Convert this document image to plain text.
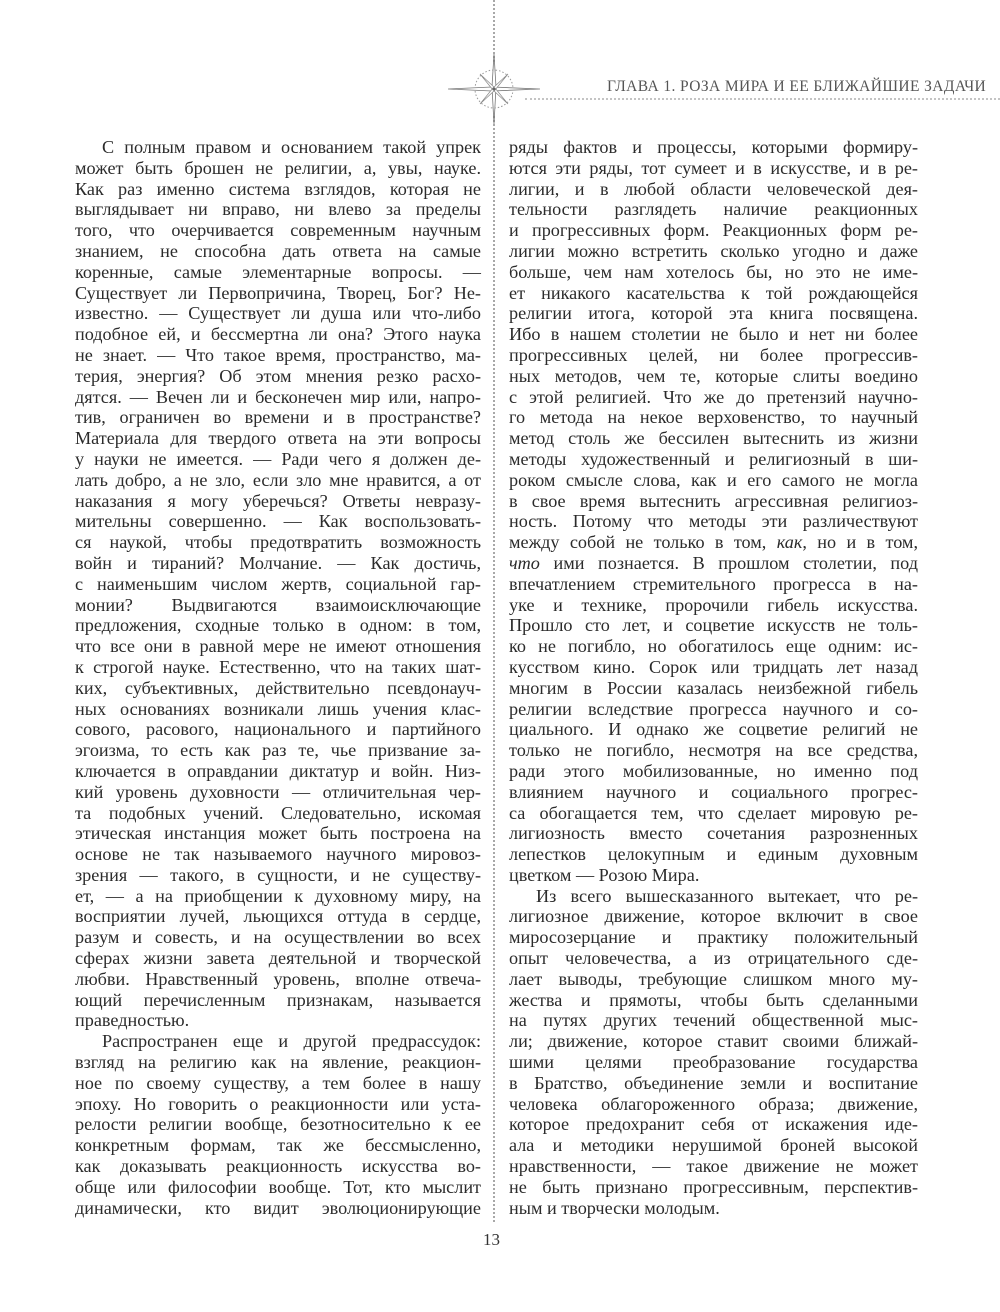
ГЛАВА 1. РОЗА МИРА И ЕЕ БЛИЖАЙШИЕ ЗАДАЧИ
С полным правом и основанием такой упрек
может быть брошен не религии, а, увы, науке.
Как раз именно система взглядов, которая не
выглядывает ни вправо, ни влево за пределы
того, что очерчивается современным научным
знанием, не способна дать ответа на самые
коренные, самые элементарные вопросы. —
Существует ли Первопричина, Творец, Бог? Не-
известно. — Существует ли душа или что-либо
подобное ей, и бессмертна ли она? Этого наука
не знает. — Что такое время, пространство, ма-
терия, энергия? Об этом мнения резко расхо-
дятся. — Вечен ли и бесконечен мир или, напро-
тив, ограничен во времени и в пространстве?
Материала для твердого ответа на эти вопросы
у науки не имеется. — Ради чего я должен де-
лать добро, а не зло, если зло мне нравится, а от
наказания я могу уберечься? Ответы невразу-
мительны совершенно. — Как воспользовать-
ся наукой, чтобы предотвратить возможность
войн и тираний? Молчание. — Как достичь,
с наименьшим числом жертв, социальной гар-
монии? Выдвигаются взаимоисключающие
предложения, сходные только в одном: в том,
что все они в равной мере не имеют отношения
к строгой науке. Естественно, что на таких шат-
ких, субъективных, действительно псевдонауч-
ных основаниях возникали лишь учения клас-
сового, расового, национального и партийного
эгоизма, то есть как раз те, чье призвание за-
ключается в оправдании диктатур и войн. Низ-
кий уровень духовности — отличительная чер-
та подобных учений. Следовательно, искомая
этическая инстанция может быть построена на
основе не так называемого научного мировоз-
зрения — такого, в сущности, и не существу-
ет, — а на приобщении к духовному миру, на
восприятии лучей, льющихся оттуда в сердце,
разум и совесть, и на осуществлении во всех
сферах жизни завета деятельной и творческой
любви. Нравственный уровень, вполне отвеча-
ющий перечисленным признакам, называется
праведностью.
Распространен еще и другой предрассудок:
взгляд на религию как на явление, реакцион-
ное по своему существу, а тем более в нашу
эпоху. Но говорить о реакционности или уста-
релости религии вообще, безотносительно к ее
конкретным формам, так же бессмысленно,
как доказывать реакционность искусства во-
обще или философии вообще. Тот, кто мыслит
динамически, кто видит эволюционирующие
ряды фактов и процессы, которыми формиру-
ются эти ряды, тот сумеет и в искусстве, и в ре-
лигии, и в любой области человеческой дея-
тельности разглядеть наличие реакционных
и прогрессивных форм. Реакционных форм ре-
лигии можно встретить сколько угодно и даже
больше, чем нам хотелось бы, но это не име-
ет никакого касательства к той рождающейся
религии итога, которой эта книга посвящена.
Ибо в нашем столетии не было и нет ни более
прогрессивных целей, ни более прогрессив-
ных методов, чем те, которые слиты воедино
с этой религией. Что же до претензий научно-
го метода на некое верховенство, то научный
метод столь же бессилен вытеснить из жизни
методы художественный и религиозный в ши-
роком смысле слова, как и его самого не могла
в свое время вытеснить агрессивная религиоз-
ность. Потому что методы эти различествуют
между собой не только в том, как, но и в том,
что ими познается. В прошлом столетии, под
впечатлением стремительного прогресса в на-
уке и технике, пророчили гибель искусства.
Прошло сто лет, и соцветие искусств не толь-
ко не погибло, но обогатилось еще одним: ис-
кусством кино. Сорок или тридцать лет назад
многим в России казалась неизбежной гибель
религии вследствие прогресса научного и со-
циального. И однако же соцветие религий не
только не погибло, несмотря на все средства,
ради этого мобилизованные, но именно под
влиянием научного и социального прогрес-
са обогащается тем, что сделает мировую ре-
лигиозность вместо сочетания разрозненных
лепестков целокупным и единым духовным
цветком — Розою Мира.
Из всего вышесказанного вытекает, что ре-
лигиозное движение, которое включит в свое
миросозерцание и практику положительный
опыт человечества, а из отрицательного сде-
лает выводы, требующие слишком много му-
жества и прямоты, чтобы быть сделанными
на путях других течений общественной мыс-
ли; движение, которое ставит своими ближай-
шими целями преобразование государства
в Братство, объединение земли и воспитание
человека облагороженного образа; движение,
которое предохранит себя от искажения иде-
ала и методики нерушимой броней высокой
нравственности, — такое движение не может
не быть признано прогрессивным, перспектив-
ным и творчески молодым.
13
